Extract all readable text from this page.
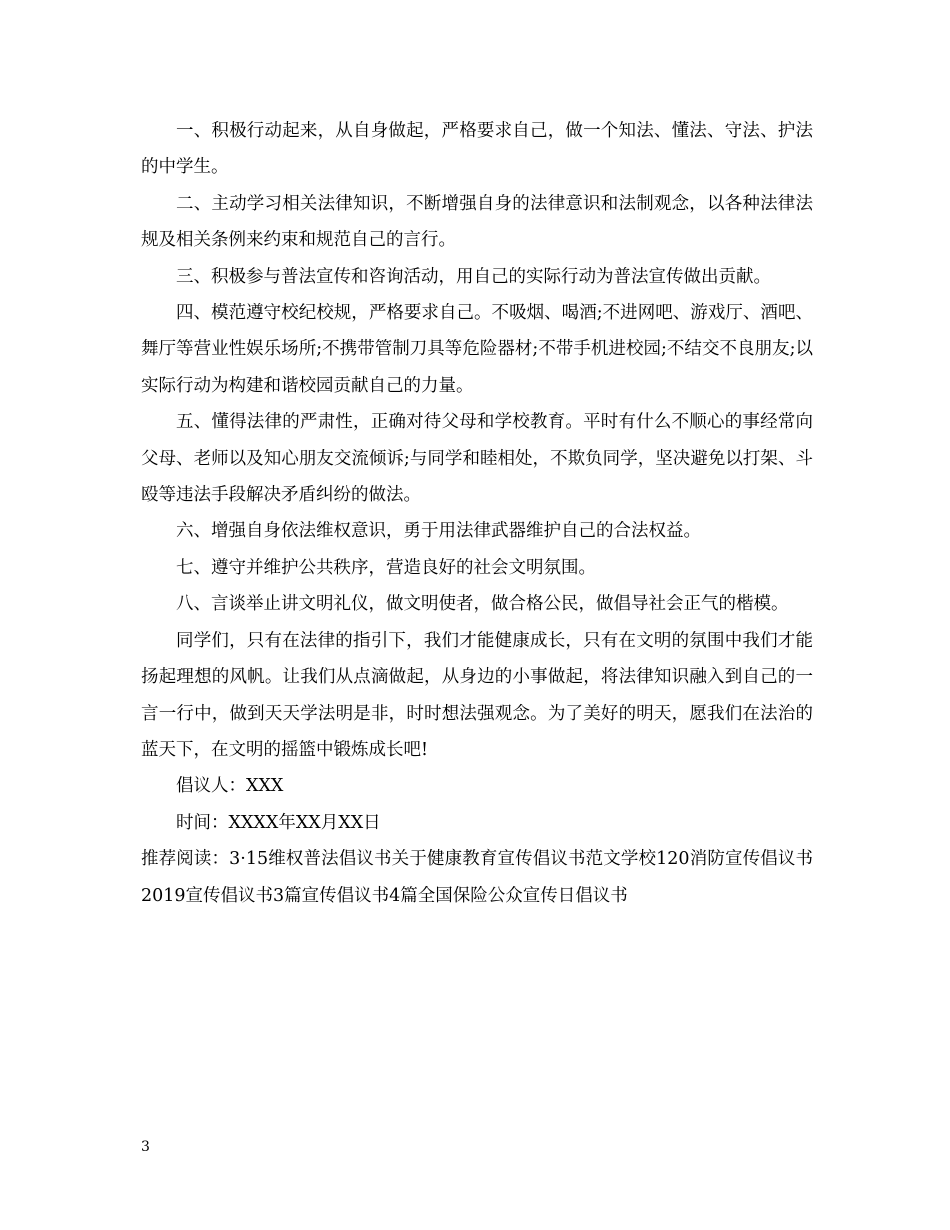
一、积极行动起来，从自身做起，严格要求自己，做一个知法、懂法、守法、护法的中学生。

二、主动学习相关法律知识，不断增强自身的法律意识和法制观念，以各种法律法规及相关条例来约束和规范自己的言行。

三、积极参与普法宣传和咨询活动，用自己的实际行动为普法宣传做出贡献。

四、模范遵守校纪校规，严格要求自己。不吸烟、喝酒;不进网吧、游戏厅、酒吧、舞厅等营业性娱乐场所;不携带管制刀具等危险器材;不带手机进校园;不结交不良朋友;以实际行动为构建和谐校园贡献自己的力量。

五、懂得法律的严肃性，正确对待父母和学校教育。平时有什么不顺心的事经常向父母、老师以及知心朋友交流倾诉;与同学和睦相处，不欺负同学，坚决避免以打架、斗殴等违法手段解决矛盾纠纷的做法。

六、增强自身依法维权意识，勇于用法律武器维护自己的合法权益。

七、遵守并维护公共秩序，营造良好的社会文明氛围。

八、言谈举止讲文明礼仪，做文明使者，做合格公民，做倡导社会正气的楷模。

同学们，只有在法律的指引下，我们才能健康成长，只有在文明的氛围中我们才能扬起理想的风帆。让我们从点滴做起，从身边的小事做起，将法律知识融入到自己的一言一行中，做到天天学法明是非，时时想法强观念。为了美好的明天，愿我们在法治的蓝天下，在文明的摇篮中锻炼成长吧!

倡议人：XXX

时间：XXXX年XX月XX日

推荐阅读：3·15维权普法倡议书关于健康教育宣传倡议书范文学校120消防宣传倡议书2019宣传倡议书3篇宣传倡议书4篇全国保险公众宣传日倡议书

3
